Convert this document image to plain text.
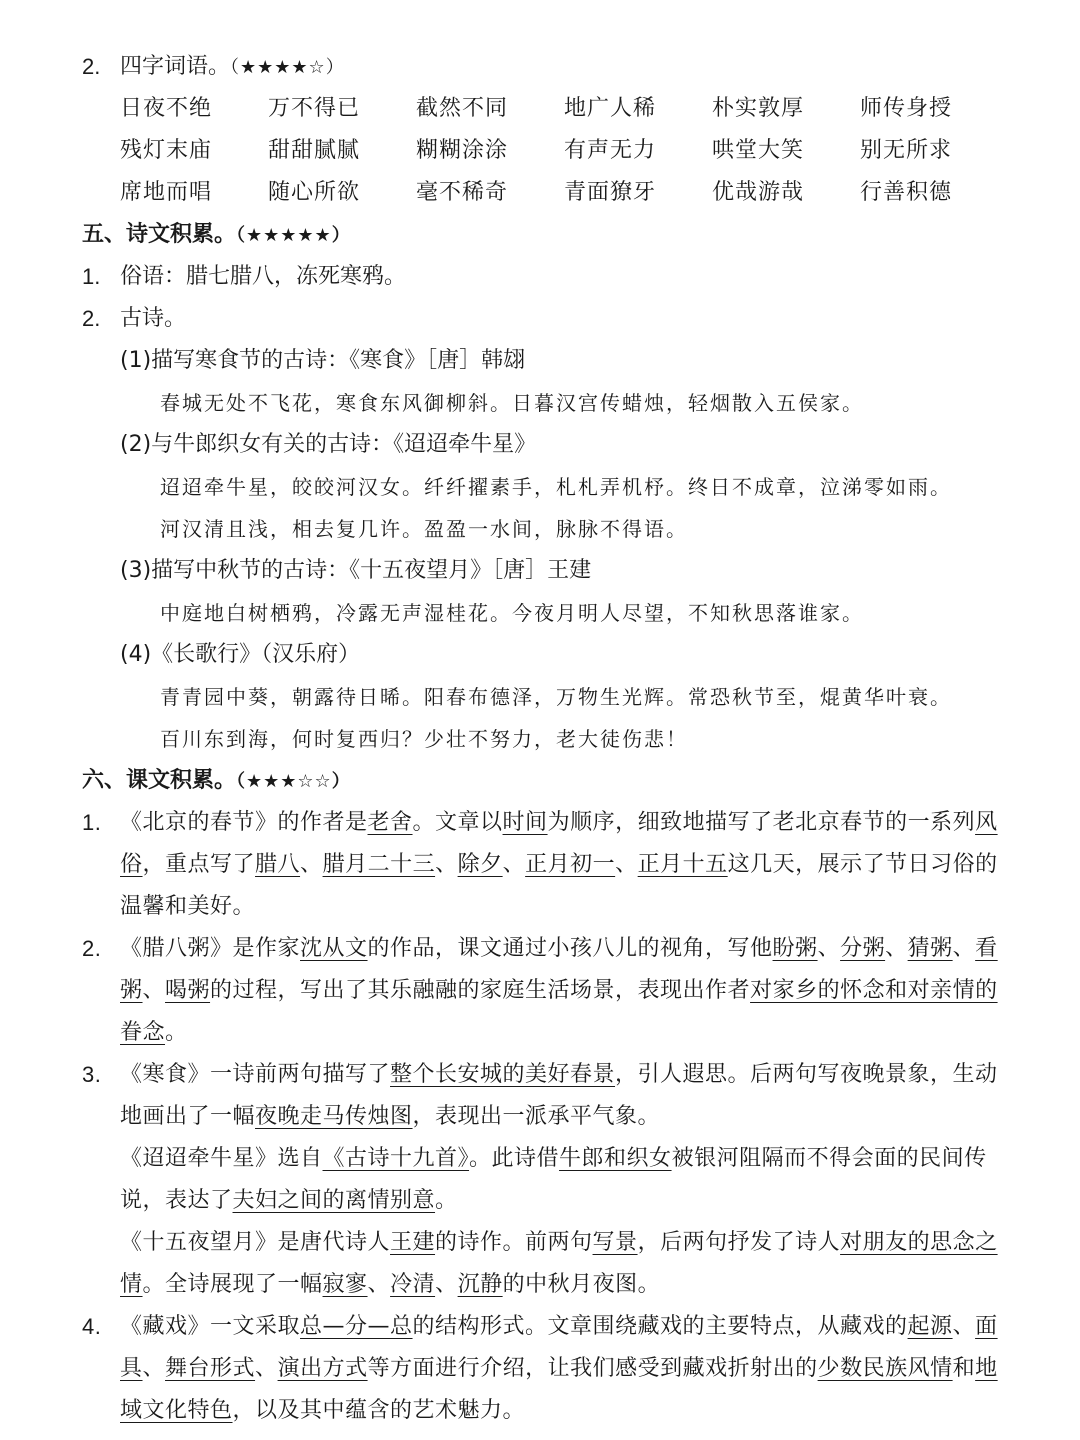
2. 四字词语。（★★★★☆）
日夜不绝	万不得已	截然不同	地广人稀	朴实敦厚	师传身授
残灯末庙	甜甜腻腻	糊糊涂涂	有声无力	哄堂大笑	别无所求
席地而唱	随心所欲	毫不稀奇	青面獠牙	优哉游哉	行善积德
五、诗文积累。（★★★★★）
1. 俗语：腊七腊八，冻死寒鸦。
2. 古诗。
(1)描写寒食节的古诗：《寒食》［唐］韩翃
春城无处不飞花，寒食东风御柳斜。日暮汉宫传蜡烛，轻烟散入五侯家。
(2)与牛郎织女有关的古诗：《迢迢牵牛星》
迢迢牵牛星，皎皎河汉女。纤纤擢素手，札札弄机杼。终日不成章，泣涕零如雨。
河汉清且浅，相去复几许。盈盈一水间，脉脉不得语。
(3)描写中秋节的古诗：《十五夜望月》［唐］王建
中庭地白树栖鸦，冷露无声湿桂花。今夜月明人尽望，不知秋思落谁家。
(4)《长歌行》（汉乐府）
青青园中葵，朝露待日晞。阳春布德泽，万物生光辉。常恐秋节至，焜黄华叶衰。
百川东到海，何时复西归？少壮不努力，老大徒伤悲！
六、课文积累。（★★★☆☆）
1. 《北京的春节》的作者是老舍。文章以时间为顺序，细致地描写了老北京春节的一系列风俗，重点写了腊八、腊月二十三、除夕、正月初一、正月十五这几天，展示了节日习俗的温馨和美好。
2. 《腊八粥》是作家沈从文的作品，课文通过小孩八儿的视角，写他盼粥、分粥、猜粥、看粥、喝粥的过程，写出了其乐融融的家庭生活场景，表现出作者对家乡的怀念和对亲情的眷念。
3. 《寒食》一诗前两句描写了整个长安城的美好春景，引人遐思。后两句写夜晚景象，生动地画出了一幅夜晚走马传烛图，表现出一派承平气象。
《迢迢牵牛星》选自《古诗十九首》。此诗借牛郎和织女被银河阻隔而不得会面的民间传说，表达了夫妇之间的离情别意。
《十五夜望月》是唐代诗人王建的诗作。前两句写景，后两句抒发了诗人对朋友的思念之情。全诗展现了一幅寂寥、冷清、沉静的中秋月夜图。
4. 《藏戏》一文采取总—分—总的结构形式。文章围绕藏戏的主要特点，从藏戏的起源、面具、舞台形式、演出方式等方面进行介绍，让我们感受到藏戏折射出的少数民族风情和地域文化特色，以及其中蕴含的艺术魅力。
